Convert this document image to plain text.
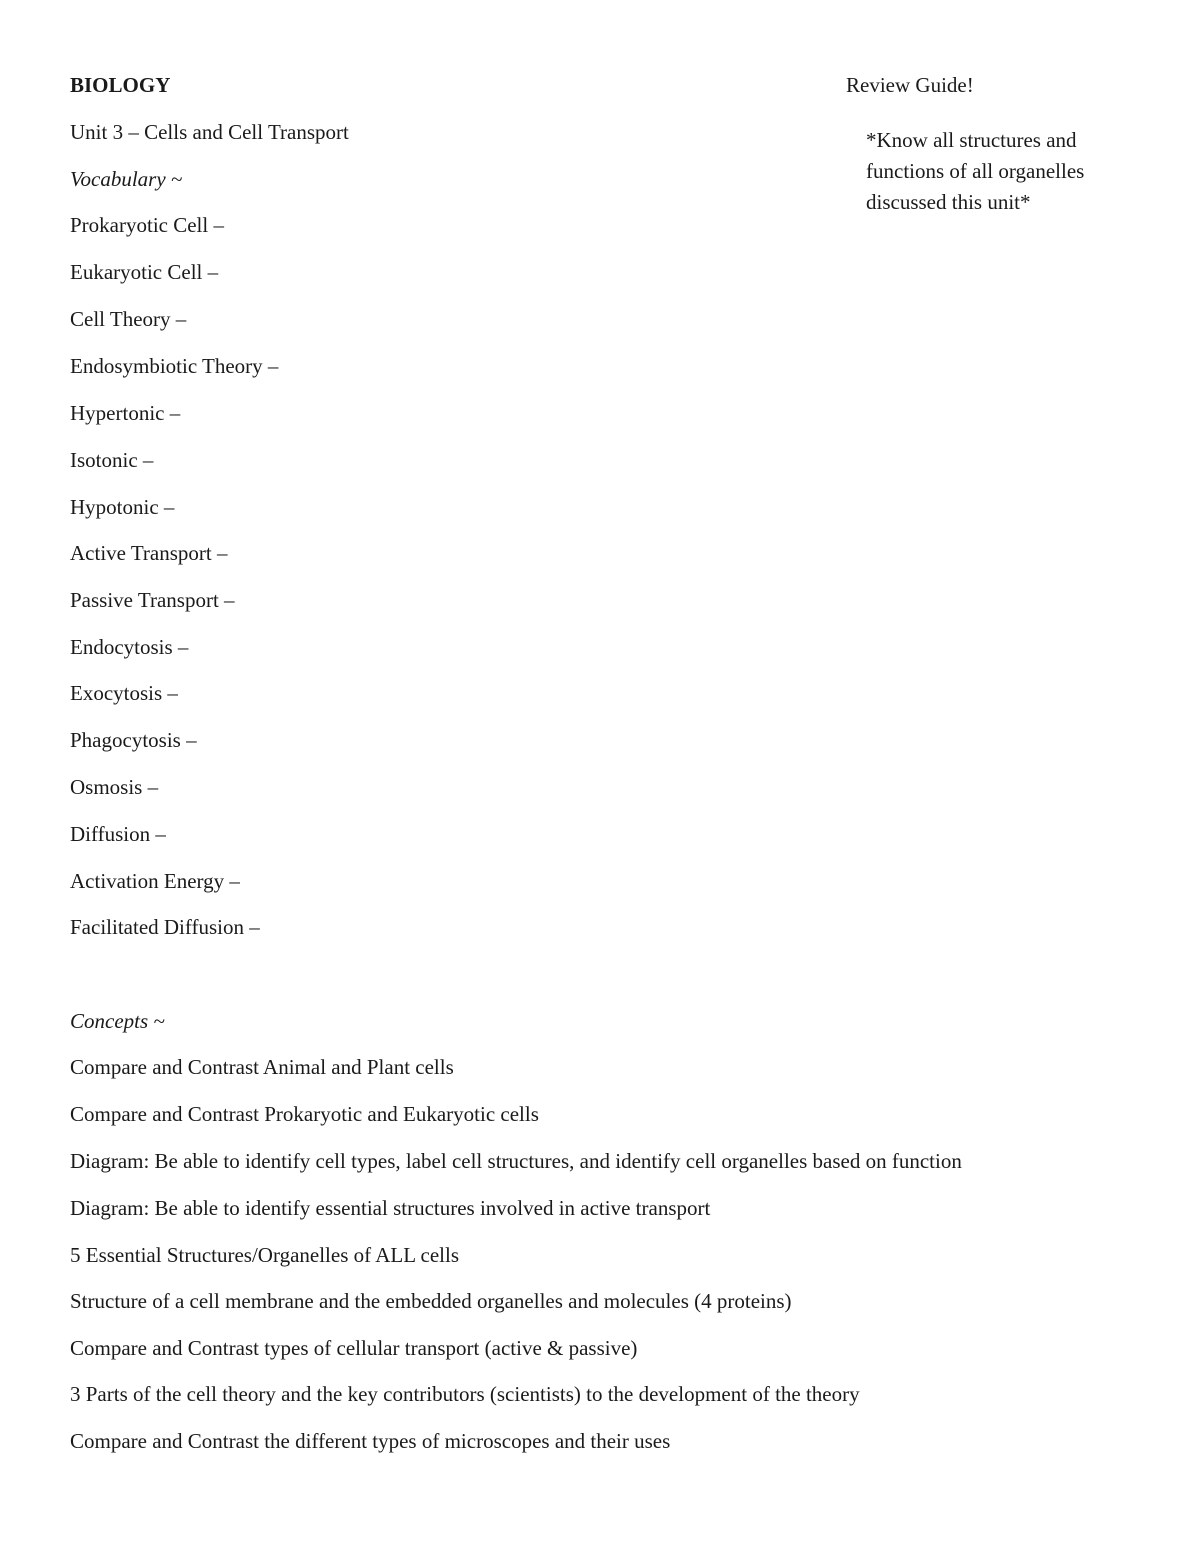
BIOLOGY
Unit 3 – Cells and Cell Transport
Review Guide!
*Know all structures and functions of all organelles discussed this unit*
Vocabulary ~
Prokaryotic Cell –
Eukaryotic Cell –
Cell Theory –
Endosymbiotic Theory –
Hypertonic –
Isotonic –
Hypotonic –
Active Transport –
Passive Transport –
Endocytosis –
Exocytosis –
Phagocytosis –
Osmosis –
Diffusion –
Activation Energy –
Facilitated Diffusion –
Concepts ~
Compare and Contrast Animal and Plant cells
Compare and Contrast Prokaryotic and Eukaryotic cells
Diagram: Be able to identify cell types, label cell structures, and identify cell organelles based on function
Diagram: Be able to identify essential structures involved in active transport
5 Essential Structures/Organelles of ALL cells
Structure of a cell membrane and the embedded organelles and molecules (4 proteins)
Compare and Contrast types of cellular transport (active & passive)
3 Parts of the cell theory and the key contributors (scientists) to the development of the theory
Compare and Contrast the different types of microscopes and their uses
